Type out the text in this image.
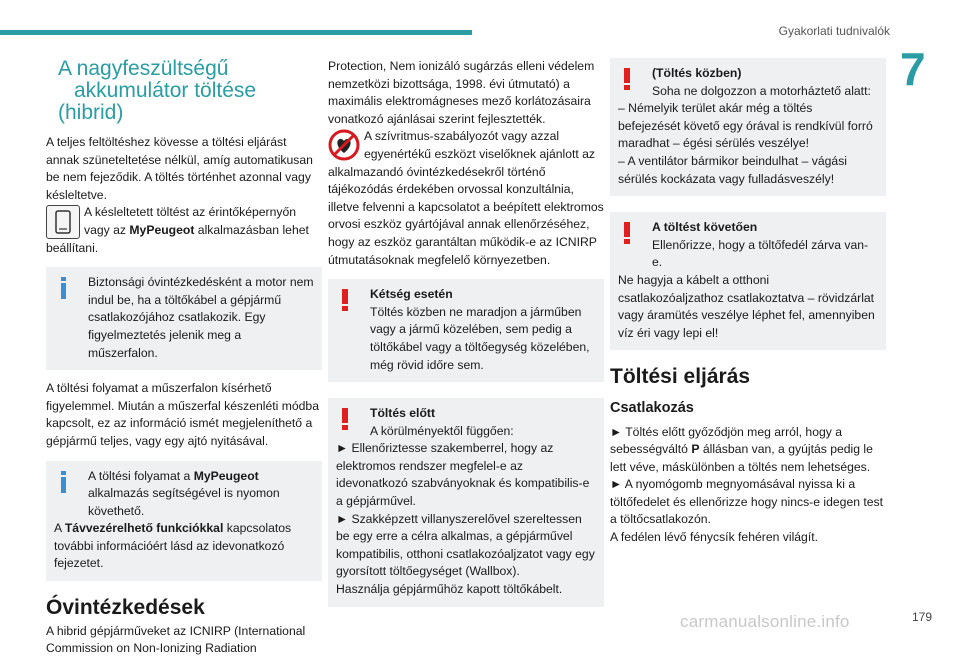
Gyakorlati tudnivalók
7
A nagyfeszültségű
akkumulátor töltése
(hibrid)

A teljes feltöltéshez kövesse a töltési eljárást annak szüneteltetése nélkül, amíg automatikusan be nem fejeződik. A töltés történhet azonnal vagy késleltetve.

A késleltetett töltést az érintőképernyőn vagy az MyPeugeot alkalmazásban lehet beállítani.

Biztonsági óvintézkedésként a motor nem indul be, ha a töltőkábel a gépjármű csatlakozójához csatlakozik. Egy figyelmeztetés jelenik meg a műszerfalon.

A töltési folyamat a műszerfalon kísérhető figyelemmel. Miután a műszerfal készenléti módba kapcsolt, ez az információ ismét megjeleníthető a gépjármű teljes, vagy egy ajtó nyitásával.

A töltési folyamat a MyPeugeot alkalmazás segítségével is nyomon követhető.

A Távvezérelhető funkciókkal kapcsolatos további információért lásd az idevonatkozó fejezetet.

Óvintézkedések

A hibrid gépjárműveket az ICNIRP (International Commission on Non-Ionizing Radiation

Protection, Nem ionizáló sugárzás elleni védelem nemzetközi bizottsága, 1998. évi útmutató) a maximális elektromágneses mező korlátozásaira vonatkozó ajánlásai szerint fejlesztették.

A szívritmus-szabályozót vagy azzal egyenértékű eszközt viselőknek ajánlott az alkalmazandó óvintézkedésekről történő tájékozódás érdekében orvossal konzultálnia, illetve felvenni a kapcsolatot a beépített elektromos orvosi eszköz gyártójával annak ellenőrzéséhez, hogy az eszköz garantáltan működik-e az ICNIRP útmutatásoknak megfelelő környezetben.

Kétség esetén

Töltés közben ne maradjon a járműben vagy a jármű közelében, sem pedig a töltőkábel vagy a töltőegység közelében, még rövid időre sem.

Töltés előtt

A körülményektől függően:

► Ellenőriztesse szakemberrel, hogy az elektromos rendszer megfelel-e az idevonatkozó szabványoknak és kompatibilis-e a gépjárművel.

► Szakképzett villanyszerelővel szereltessen be egy erre a célra alkalmas, a gépjárművel kompatibilis, otthoni csatlakozóaljzatot vagy egy gyorsított töltőegységet (Wallbox).

Használja gépjárműhöz kapott töltőkábelt.

(Töltés közben)

Soha ne dolgozzon a motorháztető alatt:

– Némelyik terület akár még a töltés befejezését követő egy órával is rendkívül forró maradhat – égési sérülés veszélye!

– A ventilátor bármikor beindulhat – vágási sérülés kockázata vagy fulladásveszély!

A töltést követően

Ellenőrizze, hogy a töltőfedél zárva van-e.

Ne hagyja a kábelt a otthoni csatlakozóaljzathoz csatlakoztatva – rövidzárlat vagy áramütés veszélye léphet fel, amennyiben víz éri vagy lepi el!

Töltési eljárás
Csatlakozás

► Töltés előtt győződjön meg arról, hogy a sebességváltó P állásban van, a gyújtás pedig le lett véve, máskülönben a töltés nem lehetséges.

► A nyomógomb megnyomásával nyissa ki a töltőfedelet és ellenőrizze hogy nincs-e idegen test a töltőcsatlakozón.

A fedélen lévő fénycsík fehéren világít.

carmanualsonline.info	179
